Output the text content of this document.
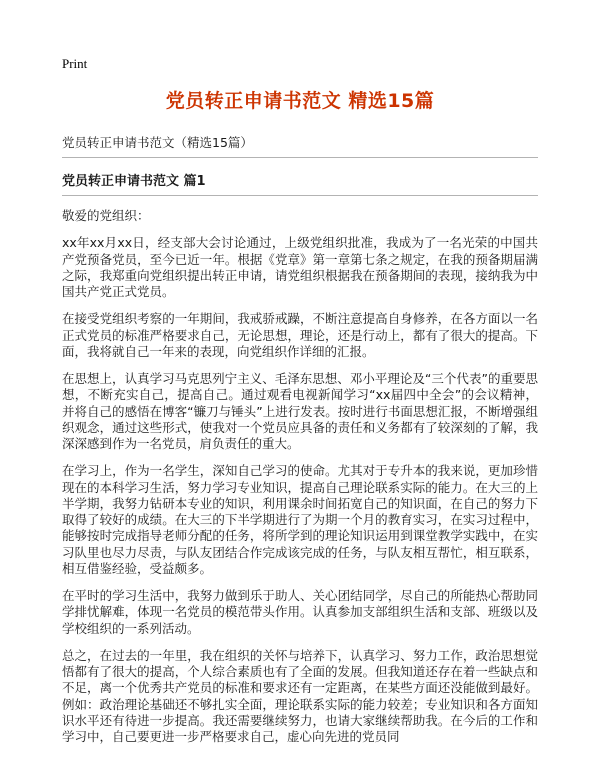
Print
党员转正申请书范文 精选15篇
党员转正申请书范文（精选15篇）
党员转正申请书范文 篇1

敬爱的党组织：

xx年xx月xx日，经支部大会讨论通过，上级党组织批准，我成为了一名光荣的中国共产党预备党员，至今已近一年。根据《党章》第一章第七条之规定，在我的预备期届满之际，我郑重向党组织提出转正申请，请党组织根据我在预备期间的表现，接纳我为中国共产党正式党员。

在接受党组织考察的一年期间，我戒骄戒躁，不断注意提高自身修养，在各方面以一名正式党员的标准严格要求自己，无论思想，理论，还是行动上，都有了很大的提高。下面，我将就自己一年来的表现，向党组织作详细的汇报。

在思想上，认真学习马克思列宁主义、毛泽东思想、邓小平理论及“三个代表”的重要思想，不断充实自己，提高自己。通过观看电视新闻学习“xx届四中全会”的会议精神，并将自己的感悟在博客“镰刀与锤头”上进行发表。按时进行书面思想汇报，不断增强组织观念，通过这些形式，使我对一个党员应具备的责任和义务都有了较深刻的了解，我深深感到作为一名党员，肩负责任的重大。

在学习上，作为一名学生，深知自己学习的使命。尤其对于专升本的我来说，更加珍惜现在的本科学习生活，努力学习专业知识，提高自己理论联系实际的能力。在大三的上半学期，我努力钻研本专业的知识，利用课余时间拓宽自己的知识面，在自己的努力下取得了较好的成绩。在大三的下半学期进行了为期一个月的教育实习，在实习过程中，能够按时完成指导老师分配的任务，将所学到的理论知识运用到课堂教学实践中，在实习队里也尽力尽责，与队友团结合作完成该完成的任务，与队友相互帮忙，相互联系，相互借鉴经验，受益颇多。

在平时的学习生活中，我努力做到乐于助人、关心团结同学，尽自己的所能热心帮助同学排忧解难，体现一名党员的模范带头作用。认真参加支部组织生活和支部、班级以及学校组织的一系列活动。

总之，在过去的一年里，我在组织的关怀与培养下，认真学习、努力工作，政治思想觉悟都有了很大的提高，个人综合素质也有了全面的发展。但我知道还存在着一些缺点和不足，离一个优秀共产党员的标准和要求还有一定距离，在某些方面还没能做到最好。例如：政治理论基础还不够扎实全面，理论联系实际的能力较差；专业知识和各方面知识水平还有待进一步提高。我还需要继续努力，也请大家继续帮助我。在今后的工作和学习中，自己要更进一步严格要求自己，虚心向先进的党员同
